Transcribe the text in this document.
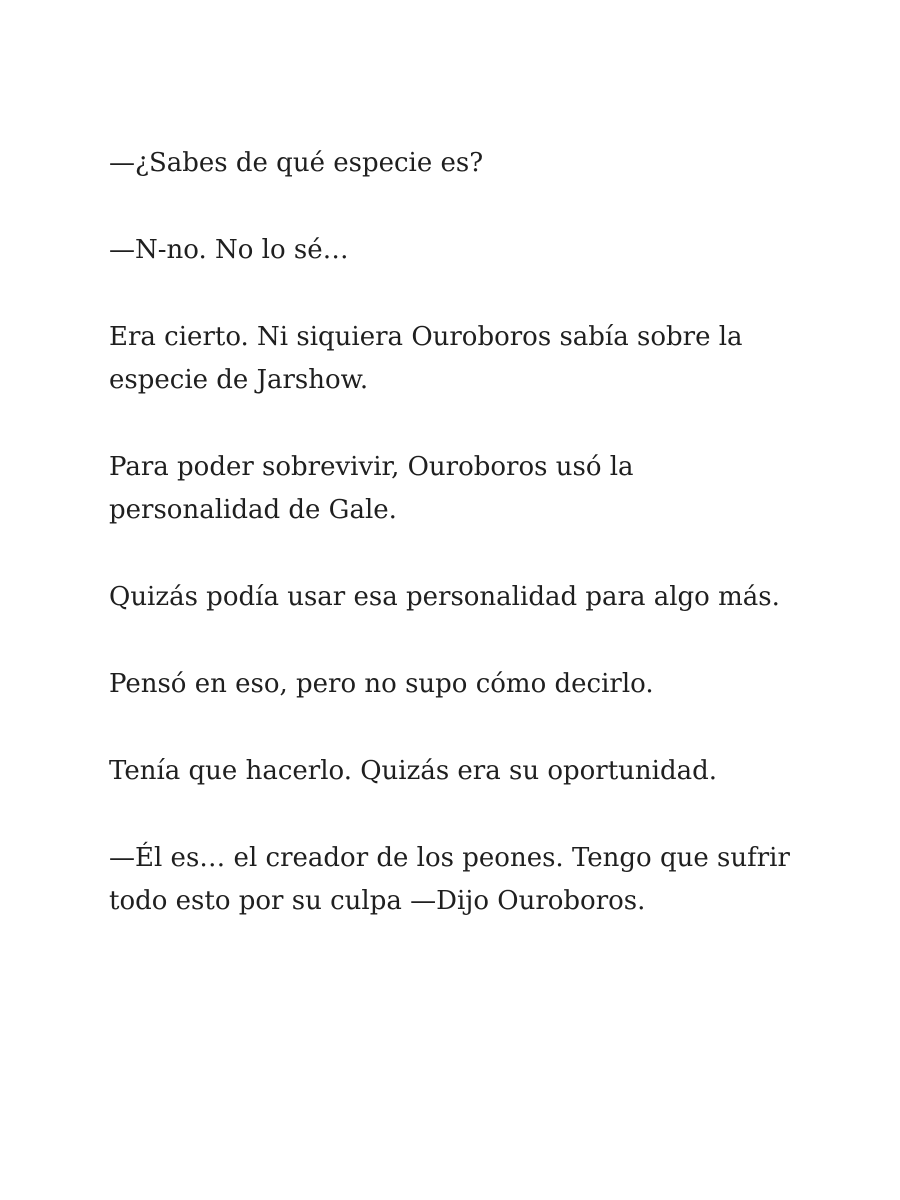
—¿Sabes de qué especie es?

—N-no. No lo sé…

Era cierto. Ni siquiera Ouroboros sabía sobre la especie de Jarshow.

Para poder sobrevivir, Ouroboros usó la personalidad de Gale.

Quizás podía usar esa personalidad para algo más.

Pensó en eso, pero no supo cómo decirlo.

Tenía que hacerlo. Quizás era su oportunidad.

—Él es… el creador de los peones. Tengo que sufrir todo esto por su culpa —Dijo Ouroboros.
